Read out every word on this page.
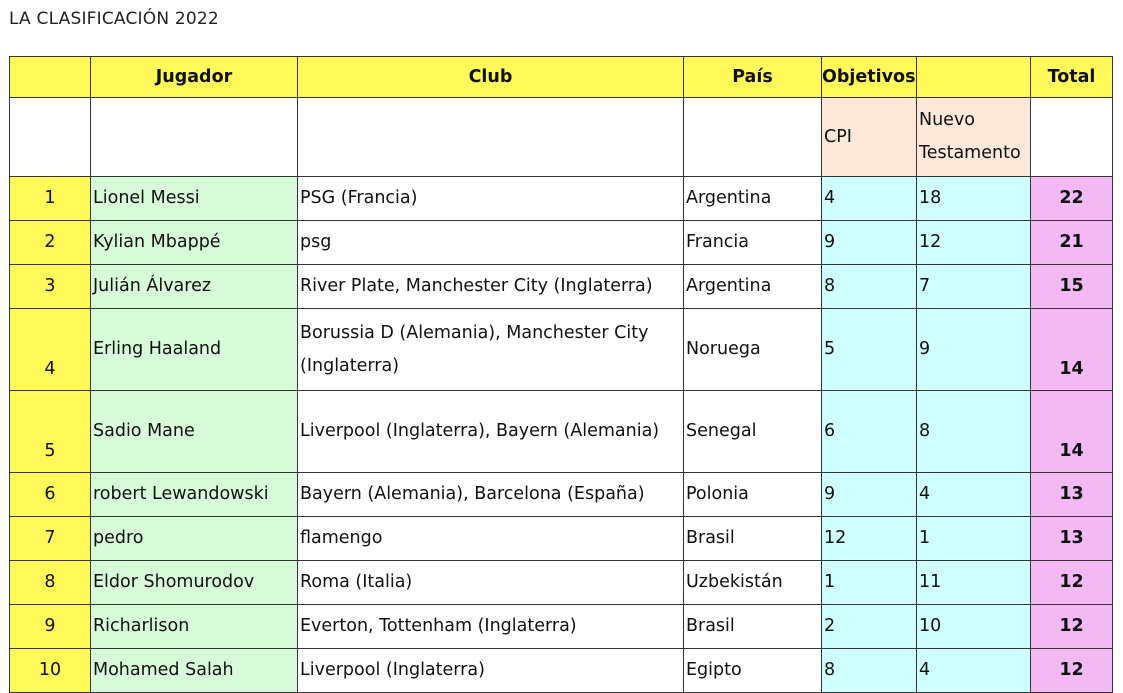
LA CLASIFICACIÓN 2022
	Jugador	Club	País	Objetivos		Total
				CPI	Nuevo Testamento	
1	Lionel Messi	PSG (Francia)	Argentina	4	18	22
2	Kylian Mbappé	psg	Francia	9	12	21
3	Julián Álvarez	River Plate, Manchester City (Inglaterra)	Argentina	8	7	15
4	Erling Haaland	Borussia D (Alemania), Manchester City (Inglaterra)	Noruega	5	9	14
5	Sadio Mane	Liverpool (Inglaterra), Bayern (Alemania)	Senegal	6	8	14
6	robert Lewandowski	Bayern (Alemania), Barcelona (España)	Polonia	9	4	13
7	pedro	flamengo	Brasil	12	1	13
8	Eldor Shomurodov	Roma (Italia)	Uzbekistán	1	11	12
9	Richarlison	Everton, Tottenham (Inglaterra)	Brasil	2	10	12
10	Mohamed Salah	Liverpool (Inglaterra)	Egipto	8	4	12
